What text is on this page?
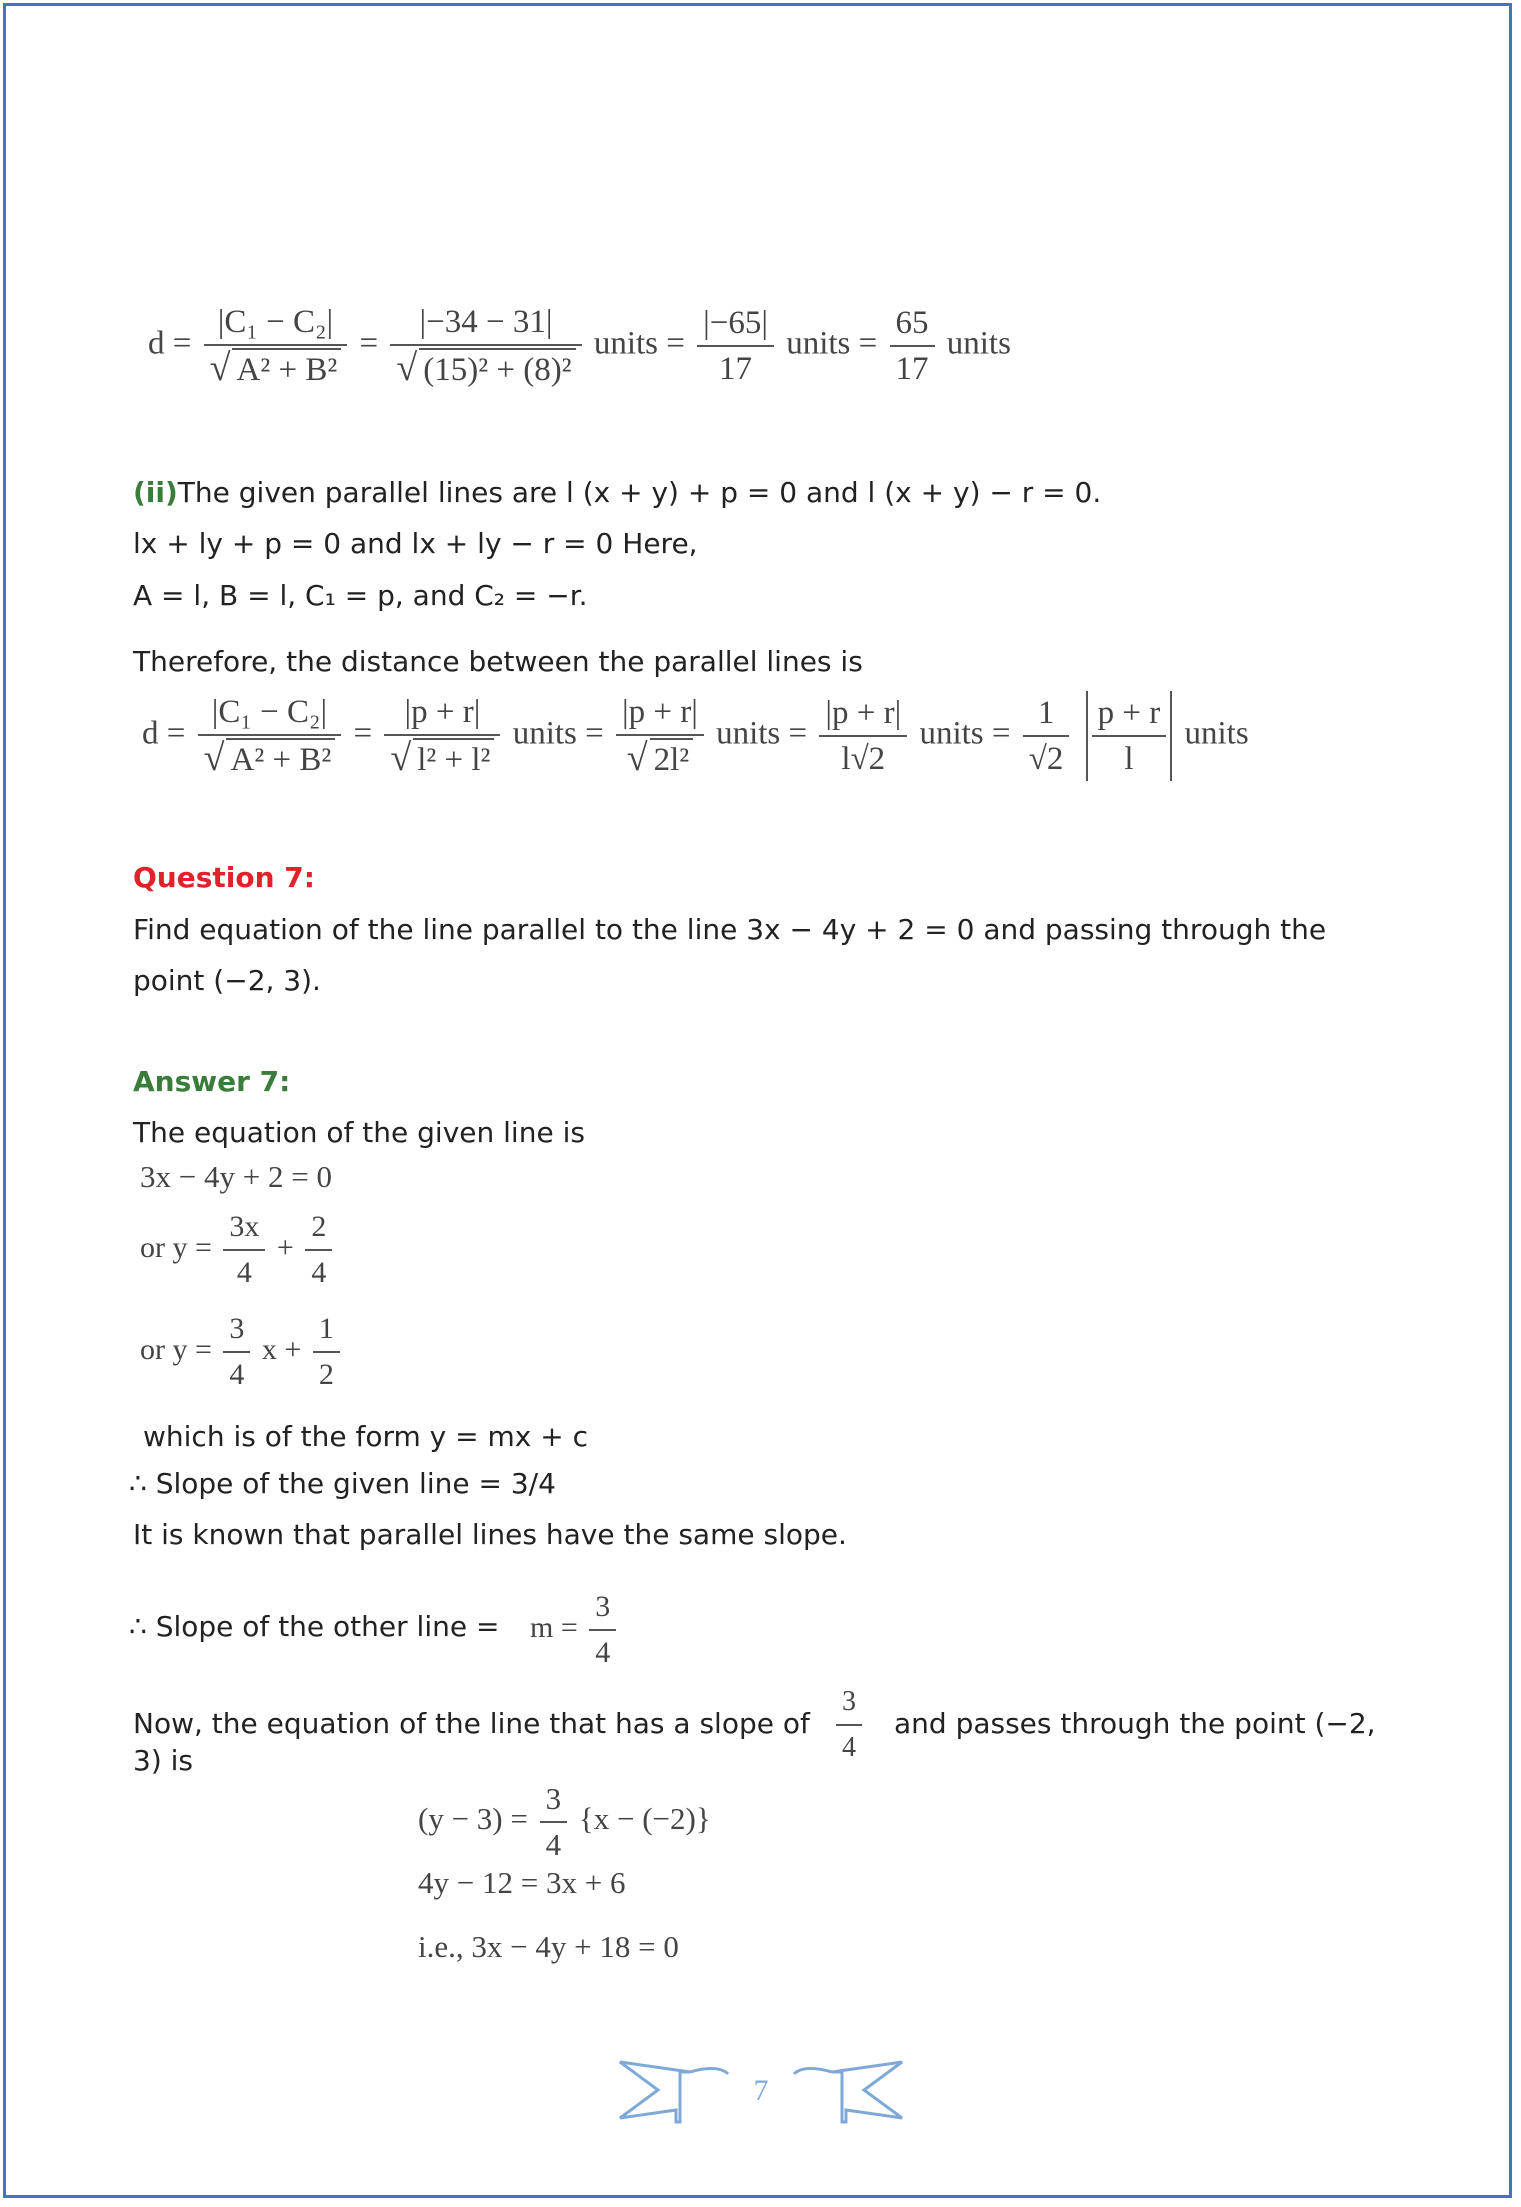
$d = \frac{\text{|C₁ − C₂|}}{\text{√ A² + B²}} = \frac{|-34 - 31|}{\text{√ (15)² + (8)²}}$ units = $\frac{|-65|}{17}$ units = $\frac{65}{17}$ units
(ii)The given parallel lines are l (x + y) + p = 0 and l (x + y) − r = 0.
lx + ly + p = 0 and lx + ly − r = 0 Here,
A = l, B = l, C₁ = p, and C₂ = −r.
Therefore, the distance between the parallel lines is
$d = \frac{\text{|C₁ − C₂|}}{\text{√ A² + B²}} = \frac{|p + r|}{\text{√ l² + l²}}$ units = $\frac{|p + r|}{\text{√ 2l²}}$ units = $\frac{|p + r|}{l√2}$ units = $\frac{1}{√2}$
$\frac{p + r}{l}$ units
Question 7:
Find equation of the line parallel to the line 3x − 4y + 2 = 0 and passing through the
point (−2, 3).
Answer 7:
The equation of the given line is
3x − 4y + 2 = 0
or $y = \frac{3x}{4} + \frac{2}{4}$
or $y = \frac{3}{4}$ $x + \frac{1}{2}$
which is of the form y = mx + c
∴ Slope of the given line = 3/4
It is known that parallel lines have the same slope.
∴ Slope of the other line = $m = \frac{3}{4}$
Now, the equation of the line that has a slope of $\frac{3}{4}$ and passes through the point (−2,
3) is
$(y - 3) = \frac{3}{4} \{x - (-2)\}$
4y − 12 = 3x + 6
i.e., 3x − 4y + 18 = 0
7
